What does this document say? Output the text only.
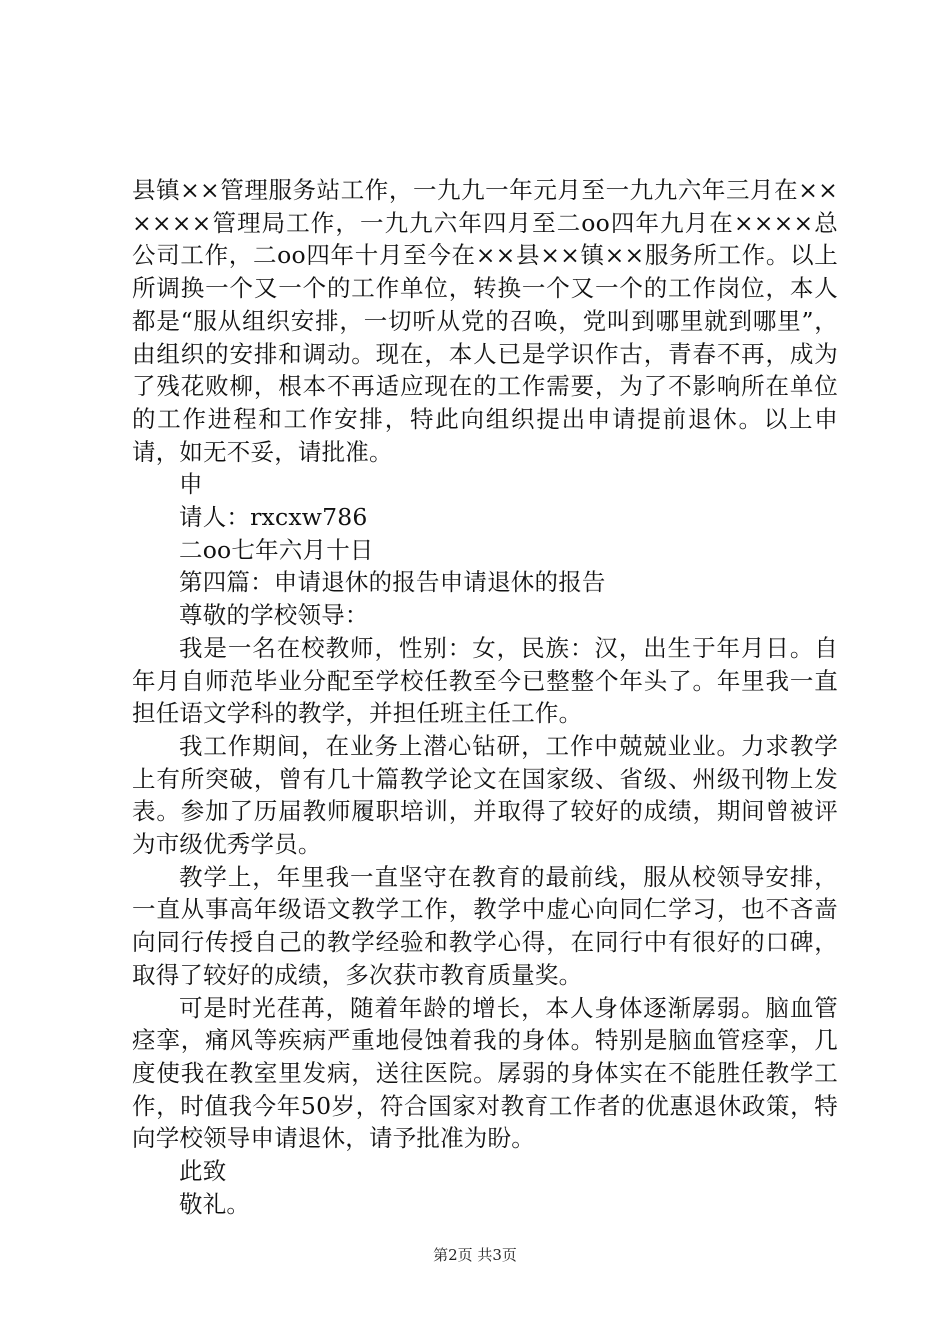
县镇××管理服务站工作，一九九一年元月至一九九六年三月在××××××管理局工作，一九九六年四月至二oo四年九月在××××总公司工作，二oo四年十月至今在××县××镇××服务所工作。以上所调换一个又一个的工作单位，转换一个又一个的工作岗位，本人都是“服从组织安排，一切听从党的召唤，党叫到哪里就到哪里”，由组织的安排和调动。现在，本人已是学识作古，青春不再，成为了残花败柳，根本不再适应现在的工作需要，为了不影响所在单位的工作进程和工作安排，特此向组织提出申请提前退休。以上申请，如无不妥，请批准。

申

请人：rxcxw786

二oo七年六月十日

第四篇：申请退休的报告申请退休的报告

尊敬的学校领导：

我是一名在校教师，性别：女，民族：汉，出生于年月日。自年月自师范毕业分配至学校任教至今已整整个年头了。年里我一直担任语文学科的教学，并担任班主任工作。

我工作期间，在业务上潜心钻研，工作中兢兢业业。力求教学上有所突破，曾有几十篇教学论文在国家级、省级、州级刊物上发表。参加了历届教师履职培训，并取得了较好的成绩，期间曾被评为市级优秀学员。

教学上，年里我一直坚守在教育的最前线，服从校领导安排，一直从事高年级语文教学工作，教学中虚心向同仁学习，也不吝啬向同行传授自己的教学经验和教学心得，在同行中有很好的口碑，取得了较好的成绩，多次获市教育质量奖。

可是时光荏苒，随着年龄的增长，本人身体逐渐孱弱。脑血管痉挛，痛风等疾病严重地侵蚀着我的身体。特别是脑血管痉挛，几度使我在教室里发病，送往医院。孱弱的身体实在不能胜任教学工作，时值我今年50岁，符合国家对教育工作者的优惠退休政策，特向学校领导申请退休，请予批准为盼。

此致

敬礼。

第2页 共3页
